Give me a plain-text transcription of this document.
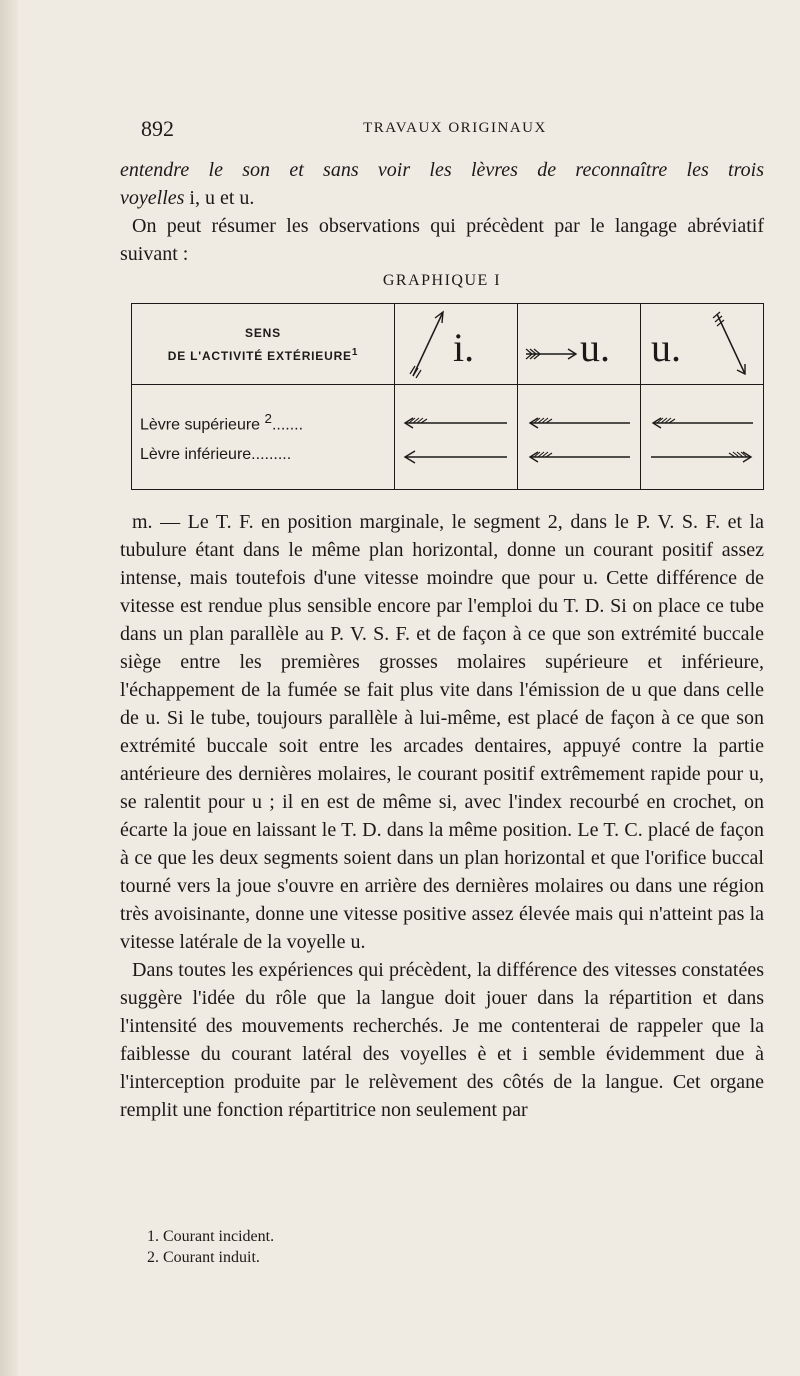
892	TRAVAUX ORIGINAUX

entendre le son et sans voir les lèvres de reconnaître les trois

voyelles i, u et u.

On peut résumer les observations qui précèdent par le langage abréviatif suivant :

GRAPHIQUE I
SENS
DE L'ACTIVITÉ EXTÉRIEURE$^1$	i.	u.	u.

Lèvre supérieure $^2$.......
Lèvre inférieure.........

m. — Le T. F. en position marginale, le segment 2, dans le P. V. S. F. et la tubulure étant dans le même plan horizontal, donne un courant positif assez intense, mais toutefois d'une vitesse moindre que pour u. Cette différence de vitesse est rendue plus sensible encore par l'emploi du T. D. Si on place ce tube dans un plan parallèle au P. V. S. F. et de façon à ce que son extrémité buccale siège entre les premières grosses molaires supérieure et inférieure, l'échappement de la fumée se fait plus vite dans l'émission de u que dans celle de u. Si le tube, toujours parallèle à lui-même, est placé de façon à ce que son extrémité buccale soit entre les arcades dentaires, appuyé contre la partie antérieure des dernières molaires, le courant positif extrêmement rapide pour u, se ralentit pour u ; il en est de même si, avec l'index recourbé en crochet, on écarte la joue en laissant le T. D. dans la même position. Le T. C. placé de façon à ce que les deux segments soient dans un plan horizontal et que l'orifice buccal tourné vers la joue s'ouvre en arrière des dernières molaires ou dans une région très avoisinante, donne une vitesse positive assez élevée mais qui n'atteint pas la vitesse latérale de la voyelle u.

Dans toutes les expériences qui précèdent, la différence des vitesses constatées suggère l'idée du rôle que la langue doit jouer dans la répartition et dans l'intensité des mouvements recherchés. Je me contenterai de rappeler que la faiblesse du courant latéral des voyelles è et i semble évidemment due à l'interception produite par le relèvement des côtés de la langue. Cet organe remplit une fonction répartitrice non seulement par

1. Courant incident.
2. Courant induit.
